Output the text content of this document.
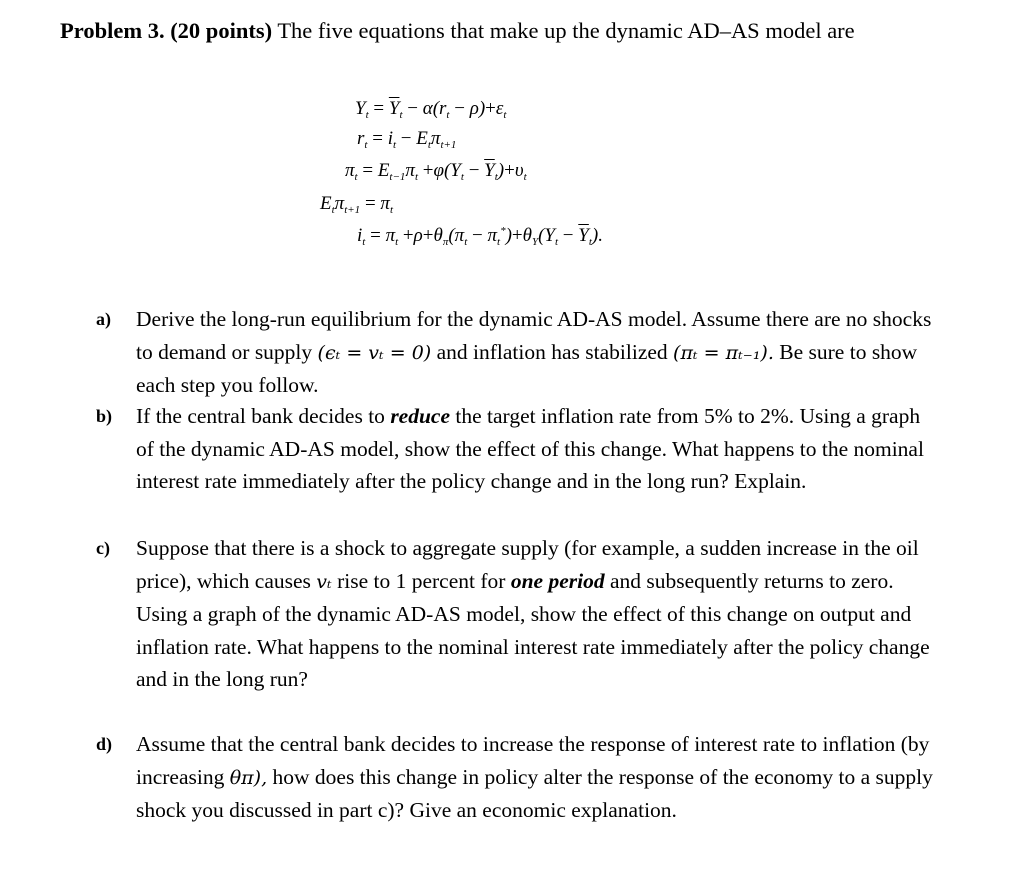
Problem 3. (20 points) The five equations that make up the dynamic AD–AS model are
$Y_t = \overline{Y}_t - \alpha(r_t - \rho)+\varepsilon_t$
$r_t = i_t - E_t\pi_{t+1}$
$\pi_t = E_{t-1}\pi_t +\varphi(Y_t - \overline{Y}_t)+\upsilon_t$
$E_t\pi_{t+1} = \pi_t$
$i_t = \pi_t +\rho+\theta_\pi(\pi_t - \pi_t^*)+\theta_Y(Y_t - \overline{Y}_t)$.
a) Derive the long-run equilibrium for the dynamic AD-AS model. Assume there are no shocks to demand or supply (ϵₜ = vₜ = 0) and inflation has stabilized (πₜ = πₜ₋₁). Be sure to show each step you follow.
b) If the central bank decides to reduce the target inflation rate from 5% to 2%. Using a graph of the dynamic AD-AS model, show the effect of this change. What happens to the nominal interest rate immediately after the policy change and in the long run? Explain.
c) Suppose that there is a shock to aggregate supply (for example, a sudden increase in the oil price), which causes vₜ rise to 1 percent for one period and subsequently returns to zero. Using a graph of the dynamic AD-AS model, show the effect of this change on output and inflation rate. What happens to the nominal interest rate immediately after the policy change and in the long run?
d) Assume that the central bank decides to increase the response of interest rate to inflation (by increasing θπ), how does this change in policy alter the response of the economy to a supply shock you discussed in part c)? Give an economic explanation.
